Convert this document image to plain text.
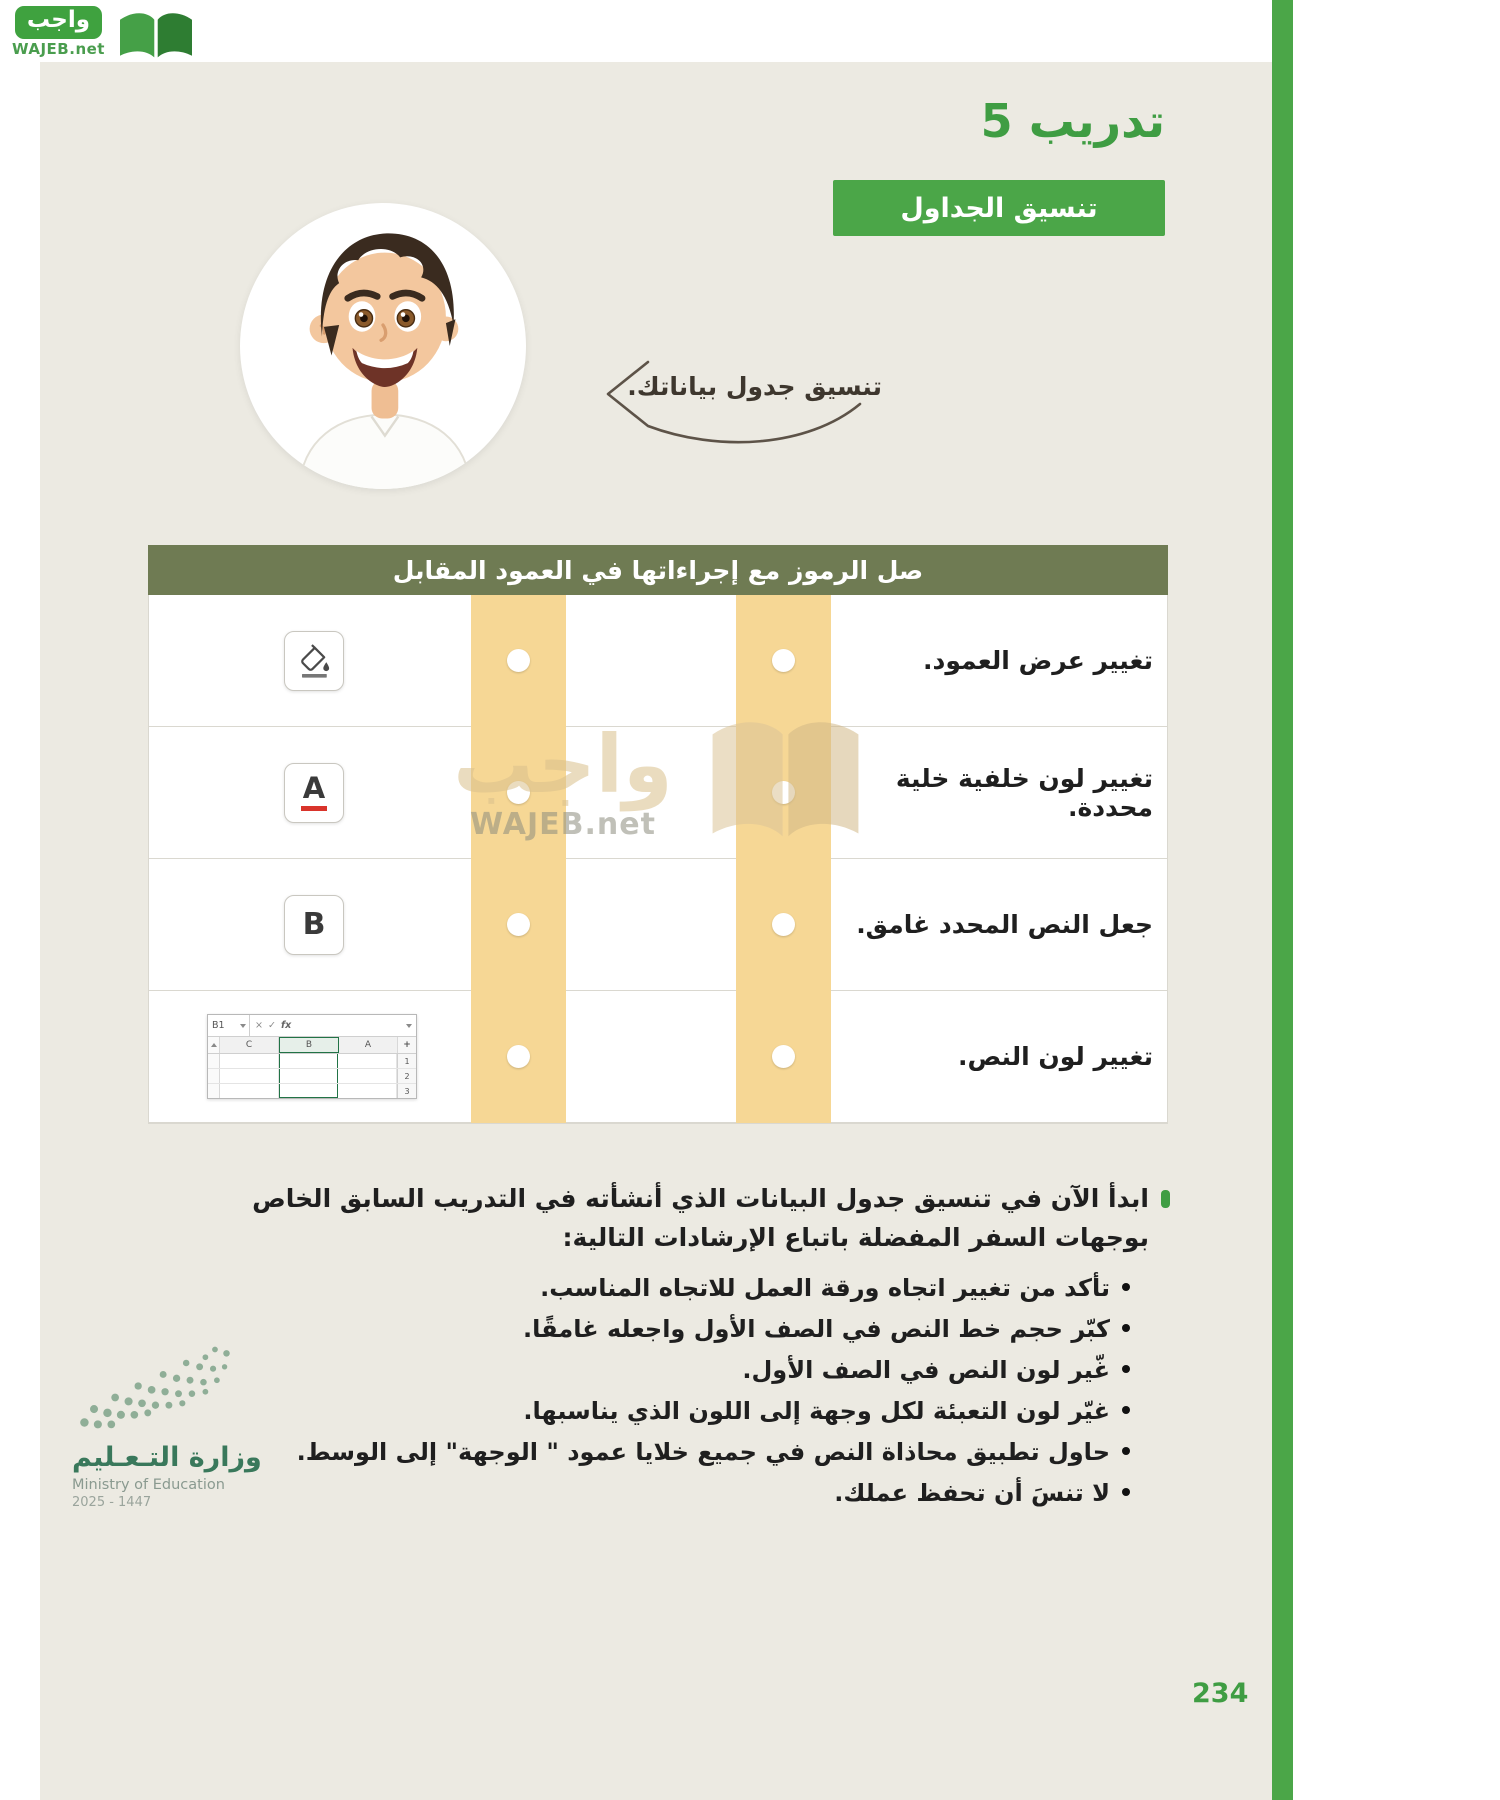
واجب
WAJEB.net
تدريب 5
تنسيق الجداول
تنسيق جدول بياناتك.
صل الرموز مع إجراءاتها في العمود المقابل
تغيير عرض العمود.
A	تغيير لون خلفية خلية محددة.
B	جعل النص المحدد غامق.
B1	× ✓ fx
C	B	A	+
1
2
3
تغيير لون النص.
واجب
WAJEB.net
ابدأ الآن في تنسيق جدول البيانات الذي أنشأته في التدريب السابق الخاص بوجهات السفر المفضلة باتباع الإرشادات التالية:
تأكد من تغيير اتجاه ورقة العمل للاتجاه المناسب.
كبّر حجم خط النص في الصف الأول واجعله غامقًا.
غّير لون النص في الصف الأول.
غيّر لون التعبئة لكل وجهة إلى اللون الذي يناسبها.
حاول تطبيق محاذاة النص في جميع خلايا عمود " الوجهة" إلى الوسط.
لا تنسَ أن تحفظ عملك.
وزارة التـعـليم
Ministry of Education
2025 - 1447
234
